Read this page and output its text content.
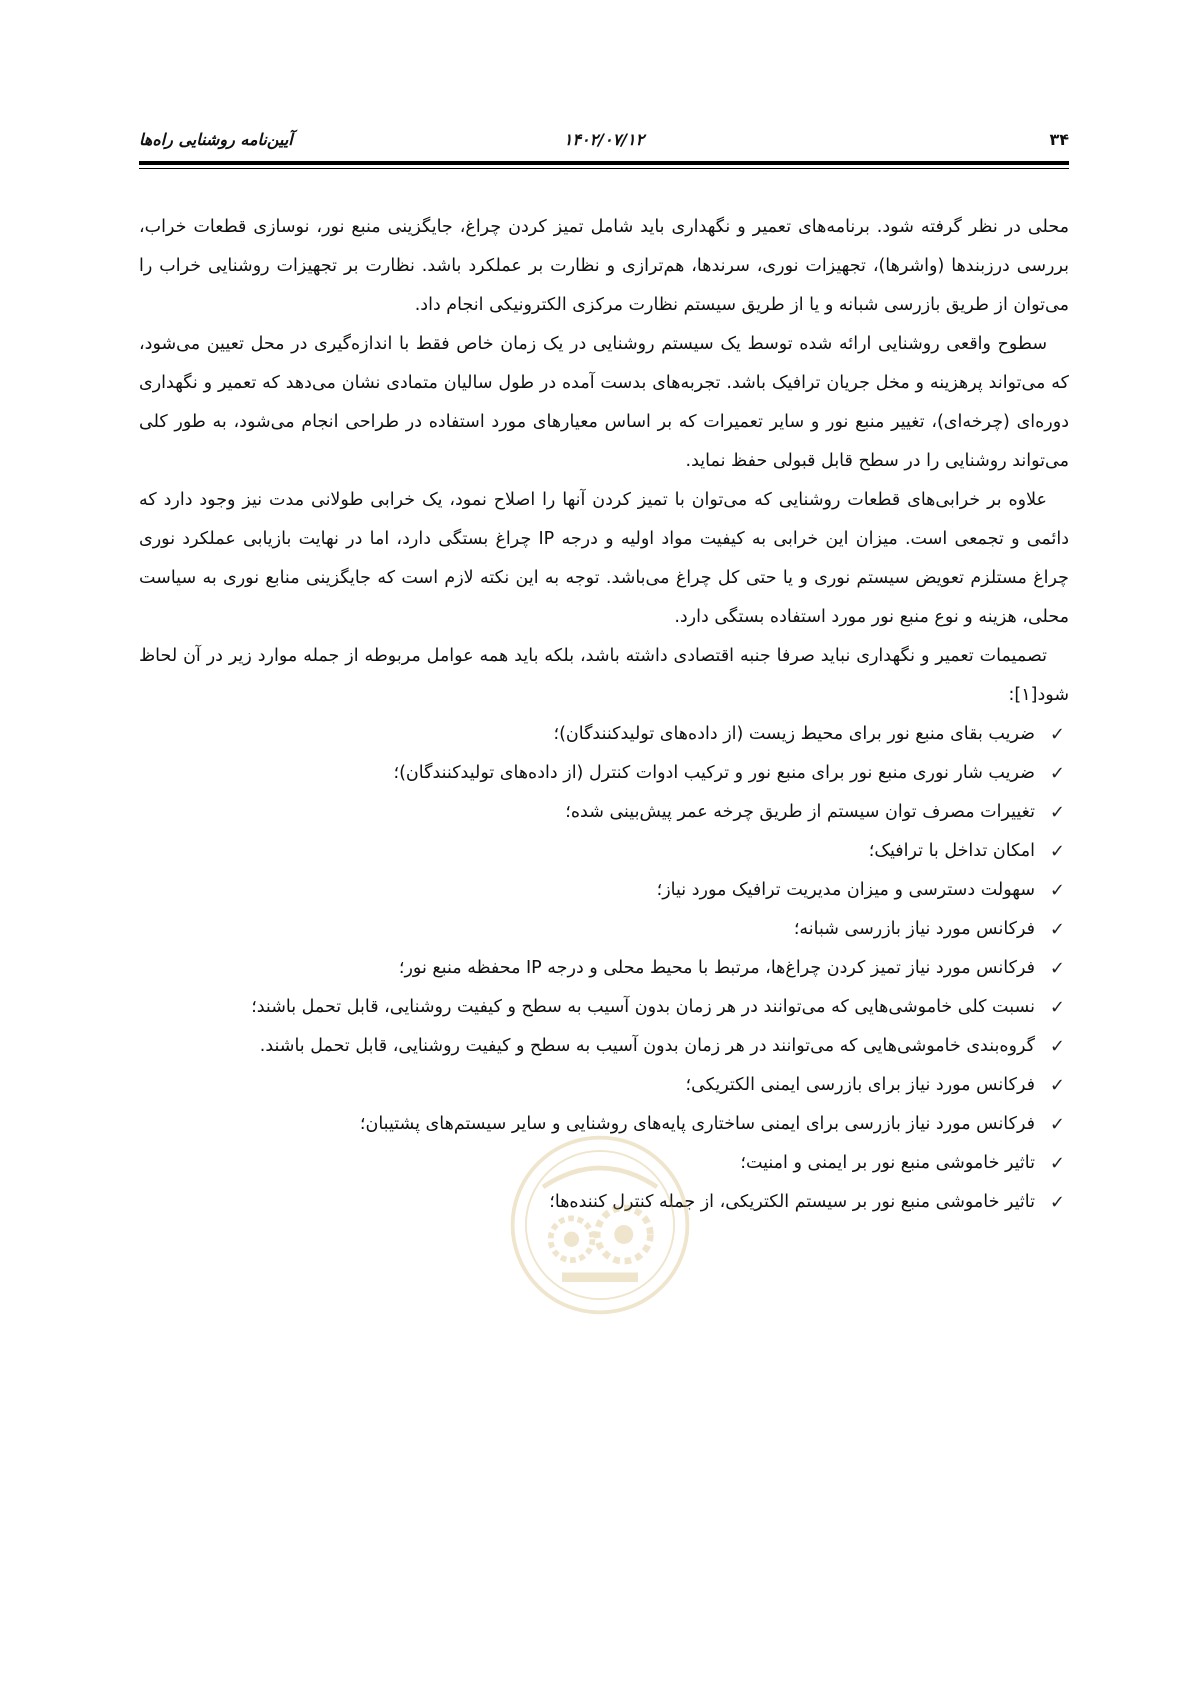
۳۴
۱۴۰۲/۰۷/۱۲
آیین‌نامه روشنایی راه‌ها

محلی در نظر گرفته شود. برنامه‌های تعمیر و نگهداری باید شامل تمیز کردن چراغ، جایگزینی منبع نور، نوسازی قطعات خراب، بررسی درزبندها (واشرها)، تجهیزات نوری، سرندها، هم‌ترازی و نظارت بر عملکرد باشد. نظارت بر تجهیزات روشنایی خراب را می‌توان از طریق بازرسی شبانه و یا از طریق سیستم نظارت مرکزی الکترونیکی انجام داد.

سطوح واقعی روشنایی ارائه شده توسط یک سیستم روشنایی در یک زمان خاص فقط با اندازه‌گیری در محل تعیین می‌شود، که می‌تواند پرهزینه و مخل جریان ترافیک باشد. تجربه‌های بدست آمده در طول سالیان متمادی نشان می‌دهد که تعمیر و نگهداری دوره‌ای (چرخه‌ای)، تغییر منبع نور و سایر تعمیرات که بر اساس معیارهای مورد استفاده در طراحی انجام می‌شود، به طور کلی می‌تواند روشنایی را در سطح قابل قبولی حفظ نماید.

علاوه بر خرابی‌های قطعات روشنایی که می‌توان با تمیز کردن آنها را اصلاح نمود، یک خرابی طولانی مدت نیز وجود دارد که دائمی و تجمعی است. میزان این خرابی به کیفیت مواد اولیه و درجه IP چراغ بستگی دارد، اما در نهایت بازیابی عملکرد نوری چراغ مستلزم تعویض سیستم نوری و یا حتی کل چراغ می‌باشد. توجه به این نکته لازم است که جایگزینی منابع نوری به سیاست محلی، هزینه و نوع منبع نور مورد استفاده بستگی دارد.

تصمیمات تعمیر و نگهداری نباید صرفا جنبه اقتصادی داشته باشد، بلکه باید همه عوامل مربوطه از جمله موارد زیر در آن لحاظ شود[۱]:

✓
ضریب بقای منبع نور برای محیط زیست (از داده‌های تولیدکنندگان)؛
✓
ضریب شار نوری منبع نور برای منبع نور و ترکیب ادوات کنترل (از داده‌های تولیدکنندگان)؛
✓
تغییرات مصرف توان سیستم از طریق چرخه عمر پیش‌بینی شده؛
✓
امکان تداخل با ترافیک؛
✓
سهولت دسترسی و میزان مدیریت ترافیک مورد نیاز؛
✓
فرکانس مورد نیاز بازرسی شبانه؛
✓
فرکانس مورد نیاز تمیز کردن چراغ‌ها، مرتبط با محیط محلی و درجه IP محفظه منبع نور؛
✓
نسبت کلی خاموشی‌هایی که می‌توانند در هر زمان بدون آسیب به سطح و کیفیت روشنایی، قابل تحمل باشند؛
✓
گروه‌بندی خاموشی‌هایی که می‌توانند در هر زمان بدون آسیب به سطح و کیفیت روشنایی، قابل تحمل باشند.
✓
فرکانس مورد نیاز برای بازرسی ایمنی الکتریکی؛
✓
فرکانس مورد نیاز بازرسی برای ایمنی ساختاری پایه‌های روشنایی و سایر سیستم‌های پشتیبان؛
✓
تاثیر خاموشی منبع نور بر ایمنی و امنیت؛
✓
تاثیر خاموشی منبع نور بر سیستم الکتریکی، از جمله کنترل کننده‌ها؛
